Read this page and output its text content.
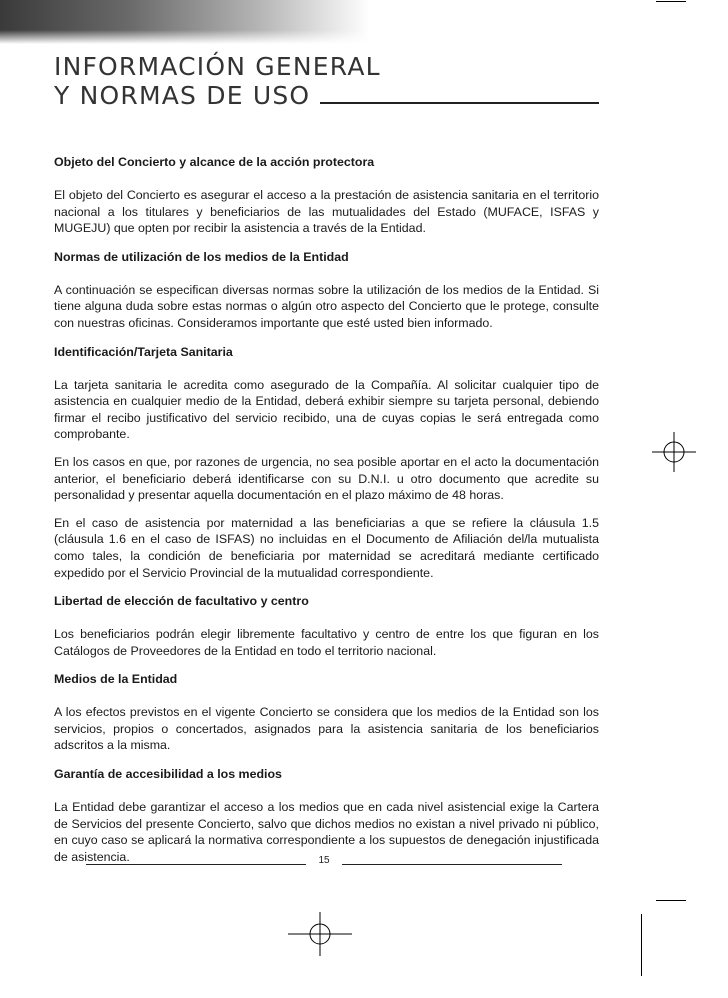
INFORMACIÓN GENERAL
Y NORMAS DE USO
Objeto del Concierto y alcance de la acción protectora

El objeto del Concierto es asegurar el acceso a la prestación de asistencia sanitaria en el territorio nacional a los titulares y beneficiarios de las mutualidades del Estado (MUFACE, ISFAS y MUGEJU) que opten por recibir la asistencia a través de la Entidad.

Normas de utilización de los medios de la Entidad

A continuación se especifican diversas normas sobre la utilización de los medios de la Entidad. Si tiene alguna duda sobre estas normas o algún otro aspecto del Concierto que le protege, consulte con nuestras oficinas. Consideramos importante que esté usted bien informado.

Identificación/Tarjeta Sanitaria

La tarjeta sanitaria le acredita como asegurado de la Compañía. Al solicitar cualquier tipo de asistencia en cualquier medio de la Entidad, deberá exhibir siempre su tarjeta personal, debiendo firmar el recibo justificativo del servicio recibido, una de cuyas copias le será entregada como comprobante.

En los casos en que, por razones de urgencia, no sea posible aportar en el acto la documentación anterior, el beneficiario deberá identificarse con su D.N.I. u otro documento que acredite su personalidad y presentar aquella documentación en el plazo máximo de 48 horas.

En el caso de asistencia por maternidad a las beneficiarias a que se refiere la cláusula 1.5 (cláusula 1.6 en el caso de ISFAS) no incluidas en el Documento de Afiliación del/la mutualista como tales, la condición de beneficiaria por maternidad se acreditará mediante certificado expedido por el Servicio Provincial de la mutualidad correspondiente.

Libertad de elección de facultativo y centro

Los beneficiarios podrán elegir libremente facultativo y centro de entre los que figuran en los Catálogos de Proveedores de la Entidad en todo el territorio nacional.

Medios de la Entidad

A los efectos previstos en el vigente Concierto se considera que los medios de la Entidad son los servicios, propios o concertados, asignados para la asistencia sanitaria de los beneficiarios adscritos a la misma.

Garantía de accesibilidad a los medios

La Entidad debe garantizar el acceso a los medios que en cada nivel asistencial exige la Cartera de Servicios del presente Concierto, salvo que dichos medios no existan a nivel privado ni público, en cuyo caso se aplicará la normativa correspondiente a los supuestos de denegación injustificada de asistencia.	15
